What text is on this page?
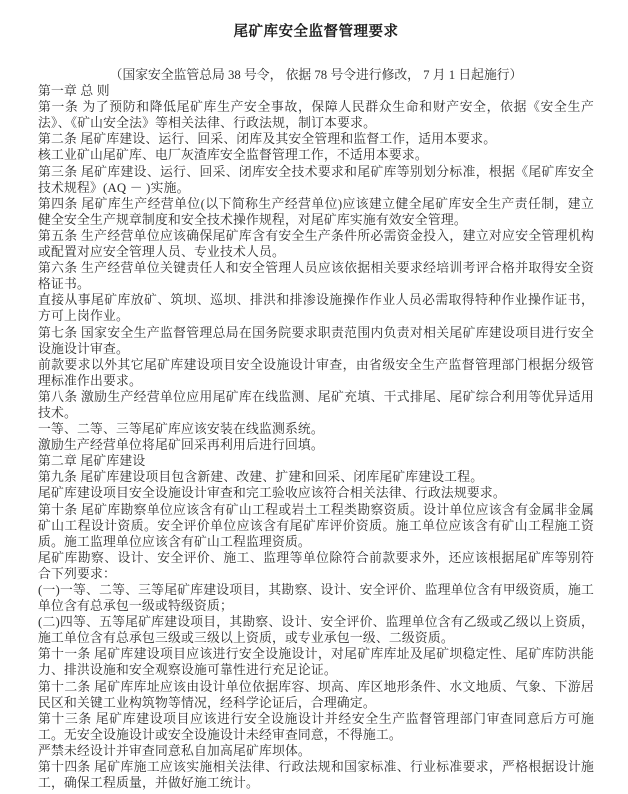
尾矿库安全监督管理要求

（国家安全监管总局 38 号令， 依据 78 号令进行修改， 7 月 1 日起施行）

第一章 总 则

第一条 为了预防和降低尾矿库生产安全事故，保障人民群众生命和财产安全，依据《安全生产法》、《矿山安全法》等相关法律、行政法规，制订本要求。

第二条 尾矿库建设、运行、回采、闭库及其安全管理和监督工作，适用本要求。

核工业矿山尾矿库、电厂灰渣库安全监督管理工作，不适用本要求。

第三条 尾矿库建设、运行、回采、闭库安全技术要求和尾矿库等别划分标准，根据《尾矿库安全技术规程》(AQ － )实施。

第四条 尾矿库生产经营单位(以下简称生产经营单位)应该建立健全尾矿库安全生产责任制，建立健全安全生产规章制度和安全技术操作规程，对尾矿库实施有效安全管理。

第五条 生产经营单位应该确保尾矿库含有安全生产条件所必需资金投入，建立对应安全管理机构或配置对应安全管理人员、专业技术人员。

第六条 生产经营单位关键责任人和安全管理人员应该依据相关要求经培训考评合格并取得安全资格证书。

直接从事尾矿库放矿、筑坝、巡坝、排洪和排渗设施操作作业人员必需取得特种作业操作证书，方可上岗作业。

第七条 国家安全生产监督管理总局在国务院要求职责范围内负责对相关尾矿库建设项目进行安全设施设计审查。

前款要求以外其它尾矿库建设项目安全设施设计审查，由省级安全生产监督管理部门根据分级管理标准作出要求。

第八条 激励生产经营单位应用尾矿库在线监测、尾矿充填、干式排尾、尾矿综合利用等优异适用技术。

一等、二等、三等尾矿库应该安装在线监测系统。

激励生产经营单位将尾矿回采再利用后进行回填。

第二章 尾矿库建设

第九条 尾矿库建设项目包含新建、改建、扩建和回采、闭库尾矿库建设工程。

尾矿库建设项目安全设施设计审查和完工验收应该符合相关法律、行政法规要求。

第十条 尾矿库勘察单位应该含有矿山工程或岩土工程类勘察资质。设计单位应该含有金属非金属矿山工程设计资质。安全评价单位应该含有尾矿库评价资质。施工单位应该含有矿山工程施工资质。施工监理单位应该含有矿山工程监理资质。

尾矿库勘察、设计、安全评价、施工、监理等单位除符合前款要求外，还应该根据尾矿库等别符合下列要求：

(一)一等、二等、三等尾矿库建设项目，其勘察、设计、安全评价、监理单位含有甲级资质，施工单位含有总承包一级或特级资质；

(二)四等、五等尾矿库建设项目，其勘察、设计、安全评价、监理单位含有乙级或乙级以上资质，施工单位含有总承包三级或三级以上资质，或专业承包一级、二级资质。

第十一条 尾矿库建设项目应该进行安全设施设计，对尾矿库库址及尾矿坝稳定性、尾矿库防洪能力、排洪设施和安全观察设施可靠性进行充足论证。

第十二条 尾矿库库址应该由设计单位依据库容、坝高、库区地形条件、水文地质、气象、下游居民区和关键工业构筑物等情况，经科学论证后，合理确定。

第十三条 尾矿库建设项目应该进行安全设施设计并经安全生产监督管理部门审查同意后方可施工。无安全设施设计或安全设施设计未经审查同意，不得施工。

严禁未经设计并审查同意私自加高尾矿库坝体。

第十四条 尾矿库施工应该实施相关法律、行政法规和国家标准、行业标准要求，严格根据设计施工，确保工程质量，并做好施工统计。
